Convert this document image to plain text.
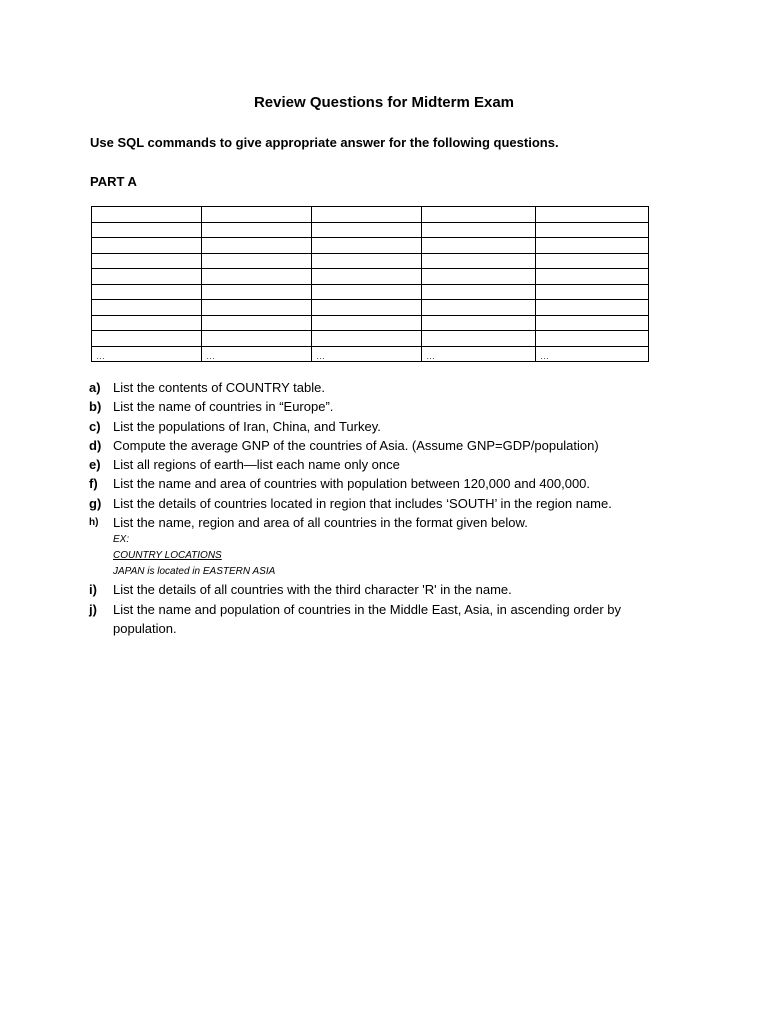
Review Questions for Midterm Exam
Use SQL commands to give appropriate answer for the following questions.
PART A

…	…	…	…	…
a) List the contents of COUNTRY table.
b) List the name of countries in “Europe”.
c) List the populations of Iran, China, and Turkey.
d) Compute the average GNP of the countries of Asia. (Assume GNP=GDP/population)
e) List all regions of earth—list each name only once
f) List the name and area of countries with population between 120,000 and 400,000.
g) List the details of countries located in region that includes ‘SOUTH’ in the region name.
h) List the name, region and area of all countries in the format given below.
EX:
COUNTRY LOCATIONS
JAPAN is located in EASTERN ASIA
i) List the details of all countries with the third character 'R' in the name.
j) List the name and population of countries in the Middle East, Asia, in ascending order by population.
